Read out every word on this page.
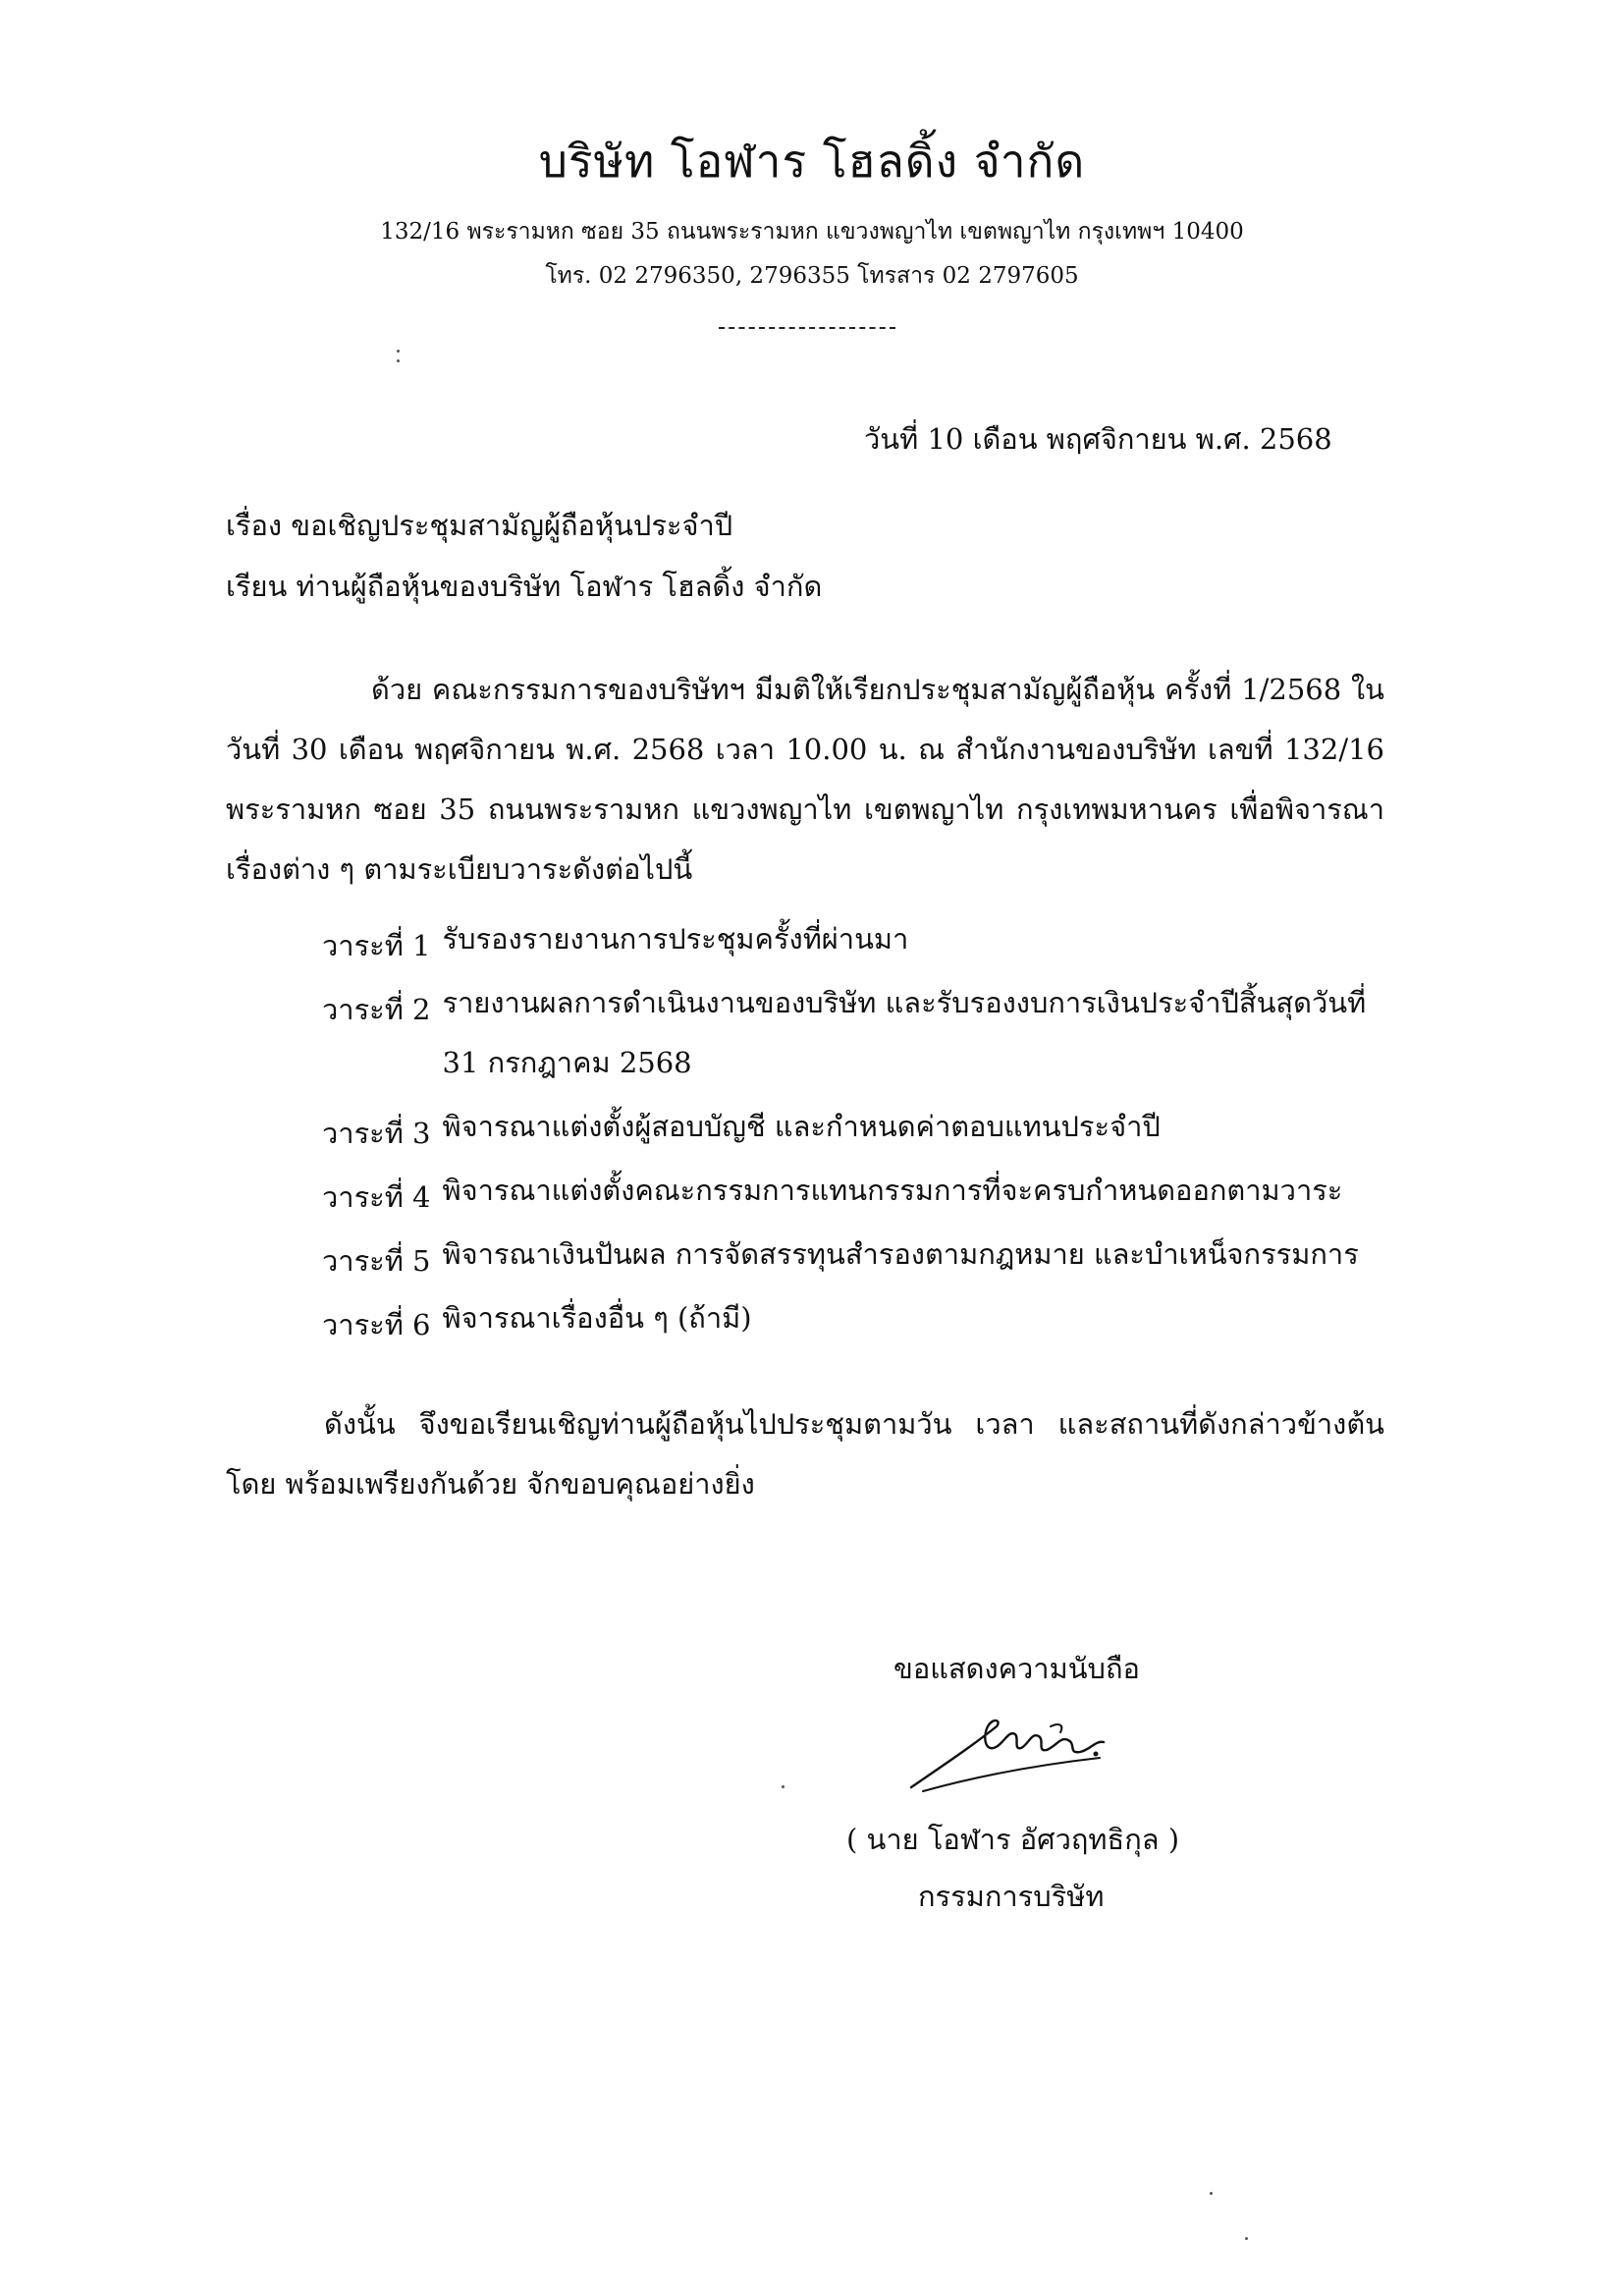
บริษัท โอฬาร โฮลดิ้ง จำกัด
132/16 พระรามหก ซอย 35 ถนนพระรามหก แขวงพญาไท เขตพญาไท กรุงเทพฯ 10400
โทร. 02 2796350, 2796355 โทรสาร 02 2797605
วันที่ 10 เดือน พฤศจิกายน พ.ศ. 2568
เรื่อง ขอเชิญประชุมสามัญผู้ถือหุ้นประจำปี
เรียน ท่านผู้ถือหุ้นของบริษัท โอฬาร โฮลดิ้ง จำกัด
ด้วย คณะกรรมการของบริษัทฯ มีมติให้เรียกประชุมสามัญผู้ถือหุ้น ครั้งที่ 1/2568 ใน วันที่ 30 เดือน พฤศจิกายน พ.ศ. 2568 เวลา 10.00 น. ณ สำนักงานของบริษัท เลขที่ 132/16 พระรามหก ซอย 35 ถนนพระรามหก แขวงพญาไท เขตพญาไท กรุงเทพมหานคร เพื่อพิจารณา เรื่องต่าง ๆ ตามระเบียบวาระดังต่อไปนี้
วาระที่ 1 รับรองรายงานการประชุมครั้งที่ผ่านมา
วาระที่ 2 รายงานผลการดำเนินงานของบริษัท และรับรองงบการเงินประจำปีสิ้นสุดวันที่ 31 กรกฎาคม 2568
วาระที่ 3 พิจารณาแต่งตั้งผู้สอบบัญชี และกำหนดค่าตอบแทนประจำปี
วาระที่ 4 พิจารณาแต่งตั้งคณะกรรมการแทนกรรมการที่จะครบกำหนดออกตามวาระ
วาระที่ 5 พิจารณาเงินปันผล การจัดสรรทุนสำรองตามกฎหมาย และบำเหน็จกรรมการ
วาระที่ 6 พิจารณาเรื่องอื่น ๆ (ถ้ามี)
ดังนั้น จึงขอเรียนเชิญท่านผู้ถือหุ้นไปประชุมตามวัน เวลา และสถานที่ดังกล่าวข้างต้นโดย พร้อมเพรียงกันด้วย จักขอบคุณอย่างยิ่ง
ขอแสดงความนับถือ
( นาย โอฬาร อัศวฤทธิกุล )
กรรมการบริษัท
